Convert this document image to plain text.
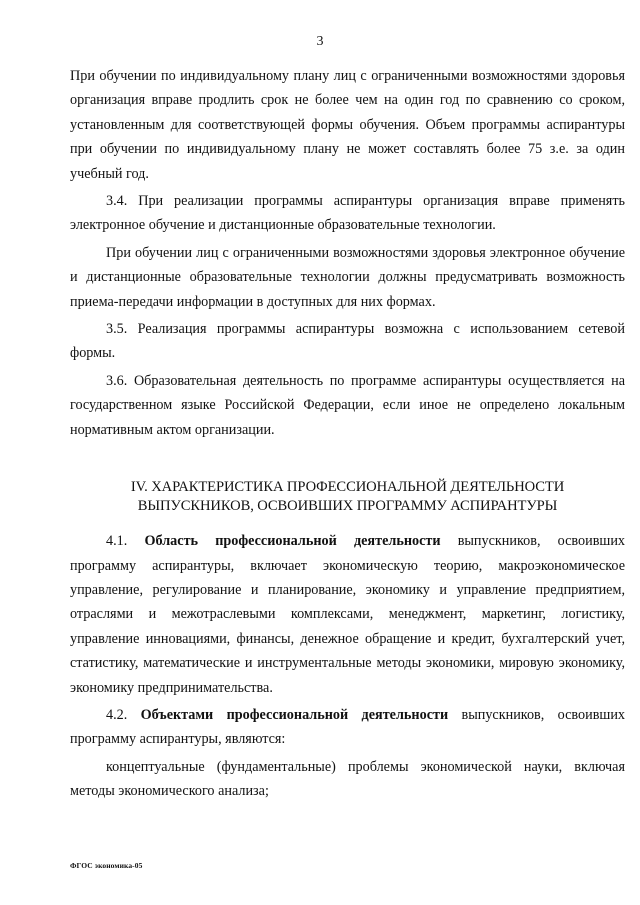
3

При обучении по индивидуальному плану лиц с ограниченными возможностями здоровья организация вправе продлить срок не более чем на один год по сравнению со сроком, установленным для соответствующей формы обучения. Объем программы аспирантуры при обучении по индивидуальному плану не может составлять более 75 з.е. за один учебный год.

3.4. При реализации программы аспирантуры организация вправе применять электронное обучение и дистанционные образовательные технологии.

При обучении лиц с ограниченными возможностями здоровья электронное обучение и дистанционные образовательные технологии должны предусматривать возможность приема-передачи информации в доступных для них формах.

3.5. Реализация программы аспирантуры возможна с использованием сетевой формы.

3.6. Образовательная деятельность по программе аспирантуры осуществляется на государственном языке Российской Федерации, если иное не определено локальным нормативным актом организации.

IV. ХАРАКТЕРИСТИКА ПРОФЕССИОНАЛЬНОЙ ДЕЯТЕЛЬНОСТИ
ВЫПУСКНИКОВ, ОСВОИВШИХ ПРОГРАММУ АСПИРАНТУРЫ

4.1. Область профессиональной деятельности выпускников, освоивших программу аспирантуры, включает экономическую теорию, макроэкономическое управление, регулирование и планирование, экономику и управление предприятием, отраслями и межотраслевыми комплексами, менеджмент, маркетинг, логистику, управление инновациями, финансы, денежное обращение и кредит, бухгалтерский учет, статистику, математические и инструментальные методы экономики, мировую экономику, экономику предпринимательства.

4.2. Объектами профессиональной деятельности выпускников, освоивших программу аспирантуры, являются:

концептуальные (фундаментальные) проблемы экономической науки, включая методы экономического анализа;

ФГОС экономика-05
